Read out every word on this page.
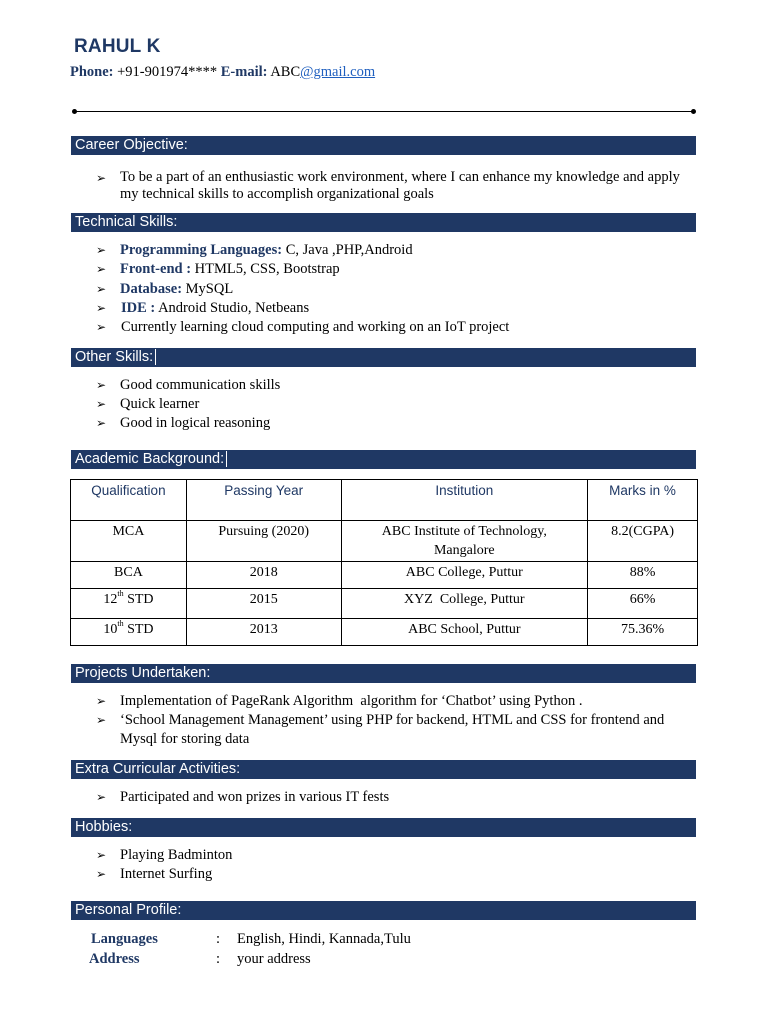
RAHUL K
Phone: +91-901974**** E-mail: ABC@gmail.com
Career Objective:
➢ To be a part of an enthusiastic work environment, where I can enhance my knowledge and apply my technical skills to accomplish organizational goals
Technical Skills:
➢ Programming Languages: C, Java ,PHP,Android
➢ Front-end : HTML5, CSS, Bootstrap
➢ Database: MySQL
➢ IDE : Android Studio, Netbeans
➢ Currently learning cloud computing and working on an IoT project
Other Skills:
➢ Good communication skills
➢ Quick learner
➢ Good in logical reasoning
Academic Background:
Qualification	Passing Year	Institution	Marks in %
MCA	Pursuing (2020)	ABC Institute of Technology, Mangalore	8.2(CGPA)
BCA	2018	ABC College, Puttur	88%
12th STD	2015	XYZ  College, Puttur	66%
10th STD	2013	ABC School, Puttur	75.36%
Projects Undertaken:
➢ Implementation of PageRank Algorithm  algorithm for ‘Chatbot’ using Python .
➢ ‘School Management Management’ using PHP for backend, HTML and CSS for frontend and Mysql for storing data
Extra Curricular Activities:
➢ Participated and won prizes in various IT fests
Hobbies:
➢ Playing Badminton
➢ Internet Surfing
Personal Profile:
Languages	: English, Hindi, Kannada,Tulu
Address	: your address
